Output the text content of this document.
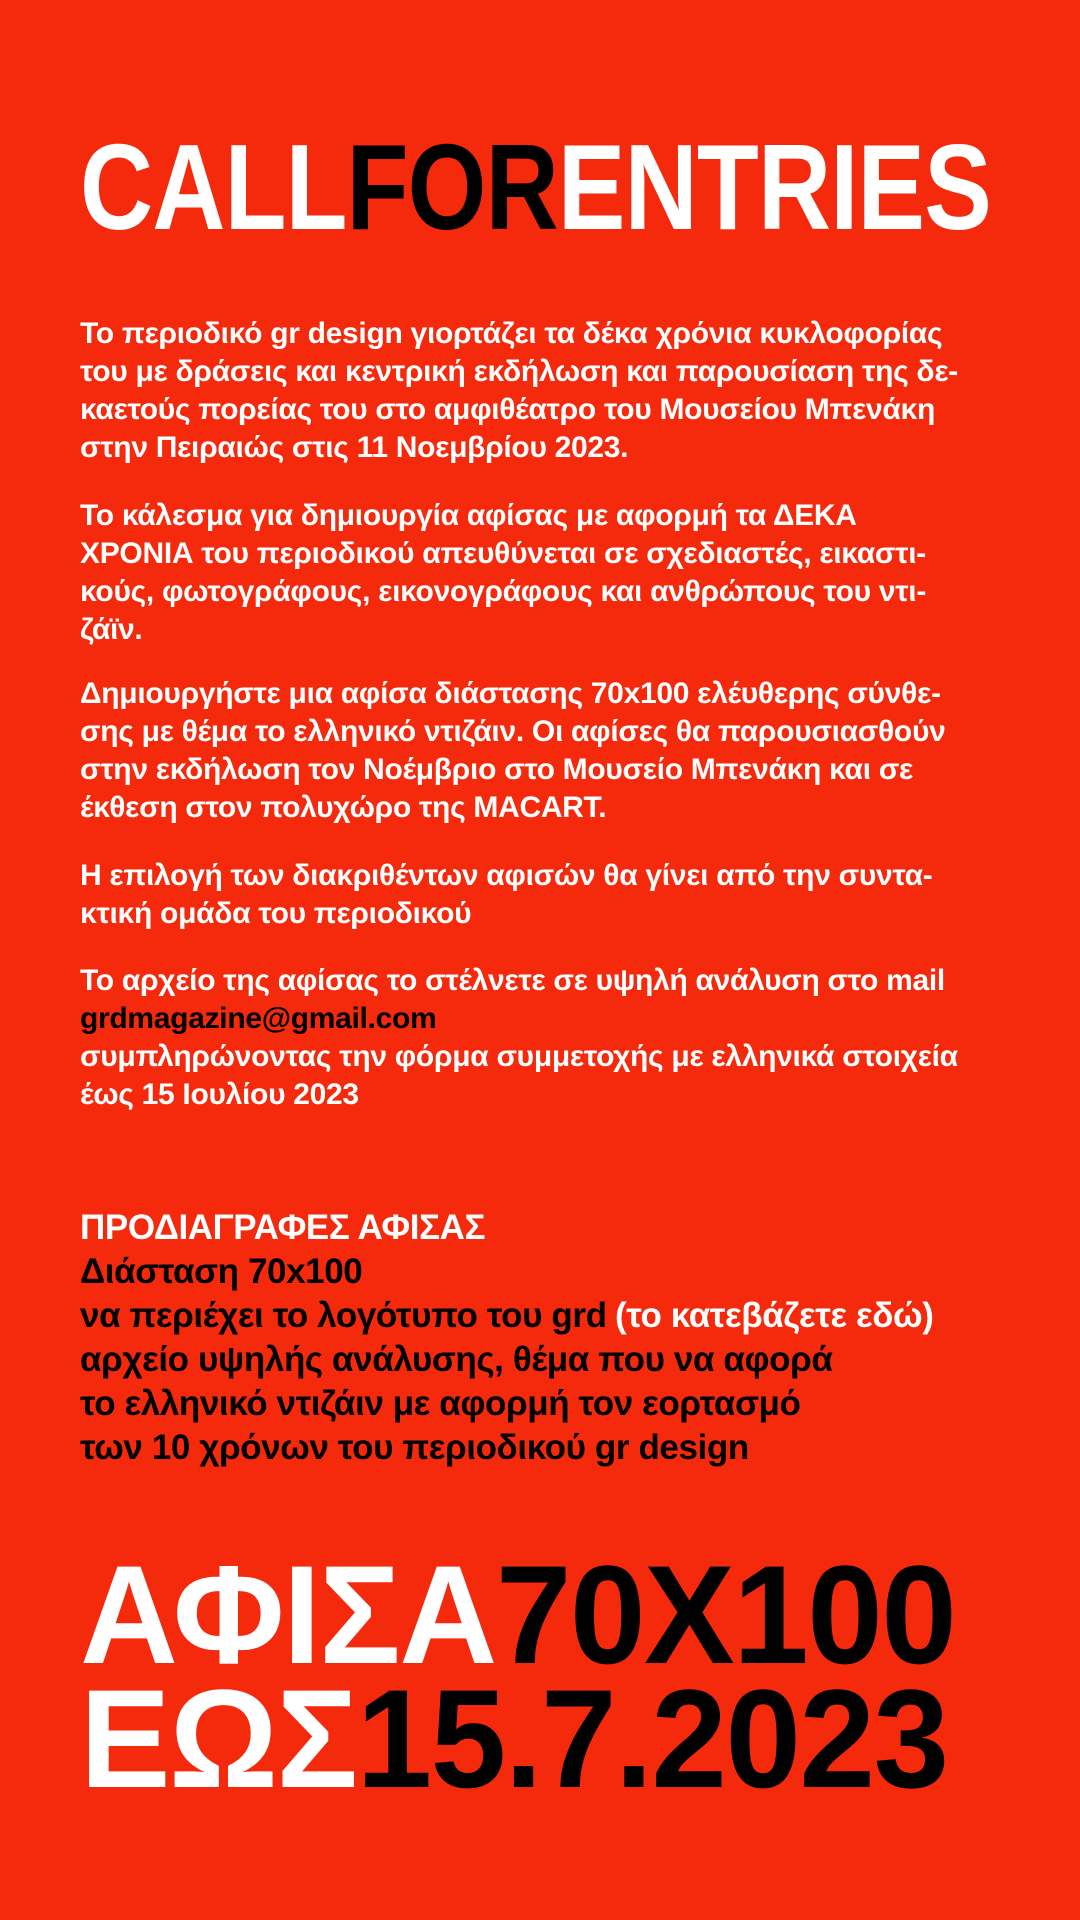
CALLFORENTRIES
Το περιοδικό gr design γιορτάζει τα δέκα χρόνια κυκλοφορίας
του με δράσεις και κεντρική εκδήλωση και παρουσίαση της δε-
καετούς πορείας του στο αμφιθέατρο του Μουσείου Μπενάκη
στην Πειραιώς στις 11 Νοεμβρίου 2023.
Το κάλεσμα για δημιουργία αφίσας με αφορμή τα ΔΕΚΑ
ΧΡΟΝΙΑ του περιοδικού απευθύνεται σε σχεδιαστές, εικαστι-
κούς, φωτογράφους, εικονογράφους και ανθρώπους του ντι-
ζάϊν.
Δημιουργήστε μια αφίσα διάστασης 70x100 ελέυθερης σύνθε-
σης με θέμα το ελληνικό ντιζάιν. Οι αφίσες θα παρουσιασθούν
στην εκδήλωση τον Νοέμβριο στο Μουσείο Μπενάκη και σε
έκθεση στον πολυχώρο της MACART.
Η επιλογή των διακριθέντων αφισών θα γίνει από την συντα-
κτική ομάδα του περιοδικού
Το αρχείο της αφίσας το στέλνετε σε υψηλή ανάλυση στο mail
grdmagazine@gmail.com
συμπληρώνοντας την φόρμα συμμετοχής με ελληνικά στοιχεία
έως 15 Ιουλίου 2023
ΠΡΟΔΙΑΓΡΑΦΕΣ ΑΦΙΣΑΣ
Διάσταση 70x100
να περιέχει το λογότυπο του grd (το κατεβάζετε εδώ)
αρχείο υψηλής ανάλυσης, θέμα που να αφορά
το ελληνικό ντιζάιν με αφορμή τον εορτασμό
των 10 χρόνων του περιοδικού gr design
ΑΦΙΣΑ70Χ100
ΕΩΣ15.7.2023
